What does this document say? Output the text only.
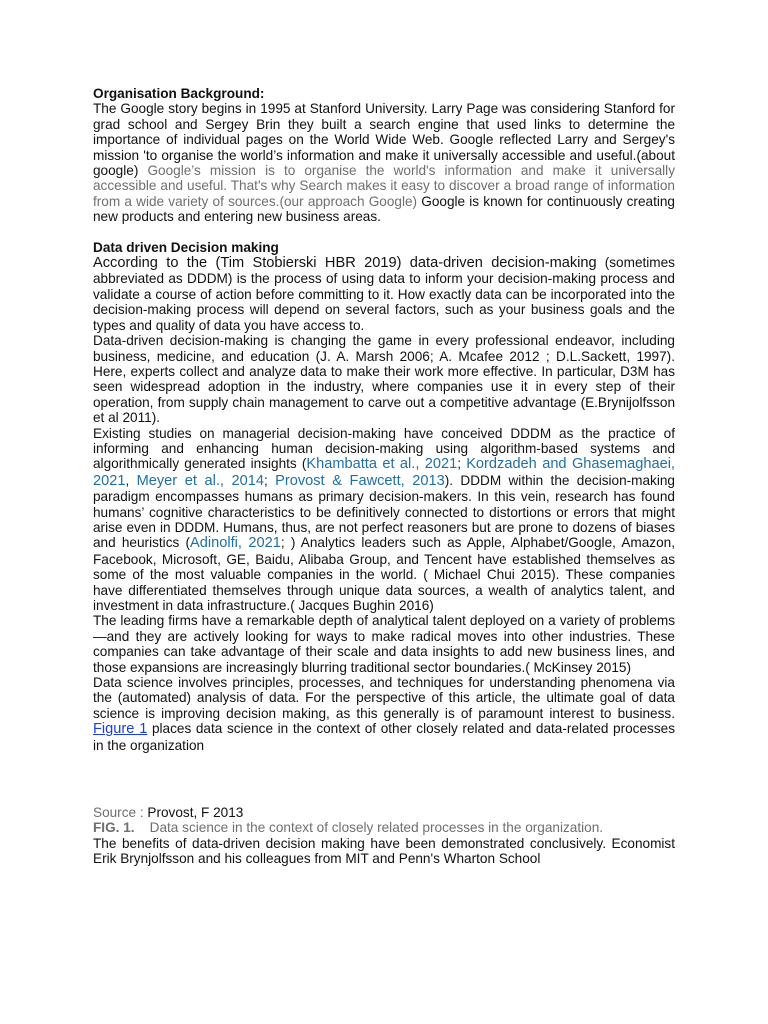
Organisation Background:

The Google story begins in 1995 at Stanford University. Larry Page was considering Stanford for grad school and Sergey Brin they built a search engine that used links to determine the importance of individual pages on the World Wide Web. Google reflected Larry and Sergey's mission 'to organise the world’s information and make it universally accessible and useful.(about google) Google’s mission is to organise the world's information and make it universally accessible and useful. That's why Search makes it easy to discover a broad range of information from a wide variety of sources.(our approach Google) Google is known for continuously creating new products and entering new business areas.

Data driven Decision making

According to the (Tim Stobierski HBR 2019) data-driven decision-making (sometimes abbreviated as DDDM) is the process of using data to inform your decision-making process and validate a course of action before committing to it. How exactly data can be incorporated into the decision-making process will depend on several factors, such as your business goals and the types and quality of data you have access to.

Data-driven decision-making is changing the game in every professional endeavor, including business, medicine, and education (J. A. Marsh 2006; A. Mcafee 2012 ; D.L.Sackett, 1997). Here, experts collect and analyze data to make their work more effective. In particular, D3M has seen widespread adoption in the industry, where companies use it in every step of their operation, from supply chain management to carve out a competitive advantage (E.Brynijolfsson et al 2011).

Existing studies on managerial decision-making have conceived DDDM as the practice of informing and enhancing human decision-making using algorithm-based systems and algorithmically generated insights (Khambatta et al., 2021; Kordzadeh and Ghasemaghaei, 2021, Meyer et al., 2014; Provost & Fawcett, 2013). DDDM within the decision-making paradigm encompasses humans as primary decision-makers. In this vein, research has found humans’ cognitive characteristics to be definitively connected to distortions or errors that might arise even in DDDM. Humans, thus, are not perfect reasoners but are prone to dozens of biases and heuristics (Adinolfi, 2021; ) Analytics leaders such as Apple, Alphabet/Google, Amazon, Facebook, Microsoft, GE, Baidu, Alibaba Group, and Tencent have established themselves as some of the most valuable companies in the world. ( Michael Chui 2015). These companies have differentiated themselves through unique data sources, a wealth of analytics talent, and investment in data infrastructure.( Jacques Bughin 2016)

The leading firms have a remarkable depth of analytical talent deployed on a variety of problems—and they are actively looking for ways to make radical moves into other industries. These companies can take advantage of their scale and data insights to add new business lines, and those expansions are increasingly blurring traditional sector boundaries.( McKinsey 2015)

Data science involves principles, processes, and techniques for understanding phenomena via the (automated) analysis of data. For the perspective of this article, the ultimate goal of data science is improving decision making, as this generally is of paramount interest to business. Figure 1 places data science in the context of other closely related and data-related processes in the organization

Source : Provost, F 2013

FIG. 1. Data science in the context of closely related processes in the organization.

The benefits of data-driven decision making have been demonstrated conclusively. Economist Erik Brynjolfsson and his colleagues from MIT and Penn's Wharton School
